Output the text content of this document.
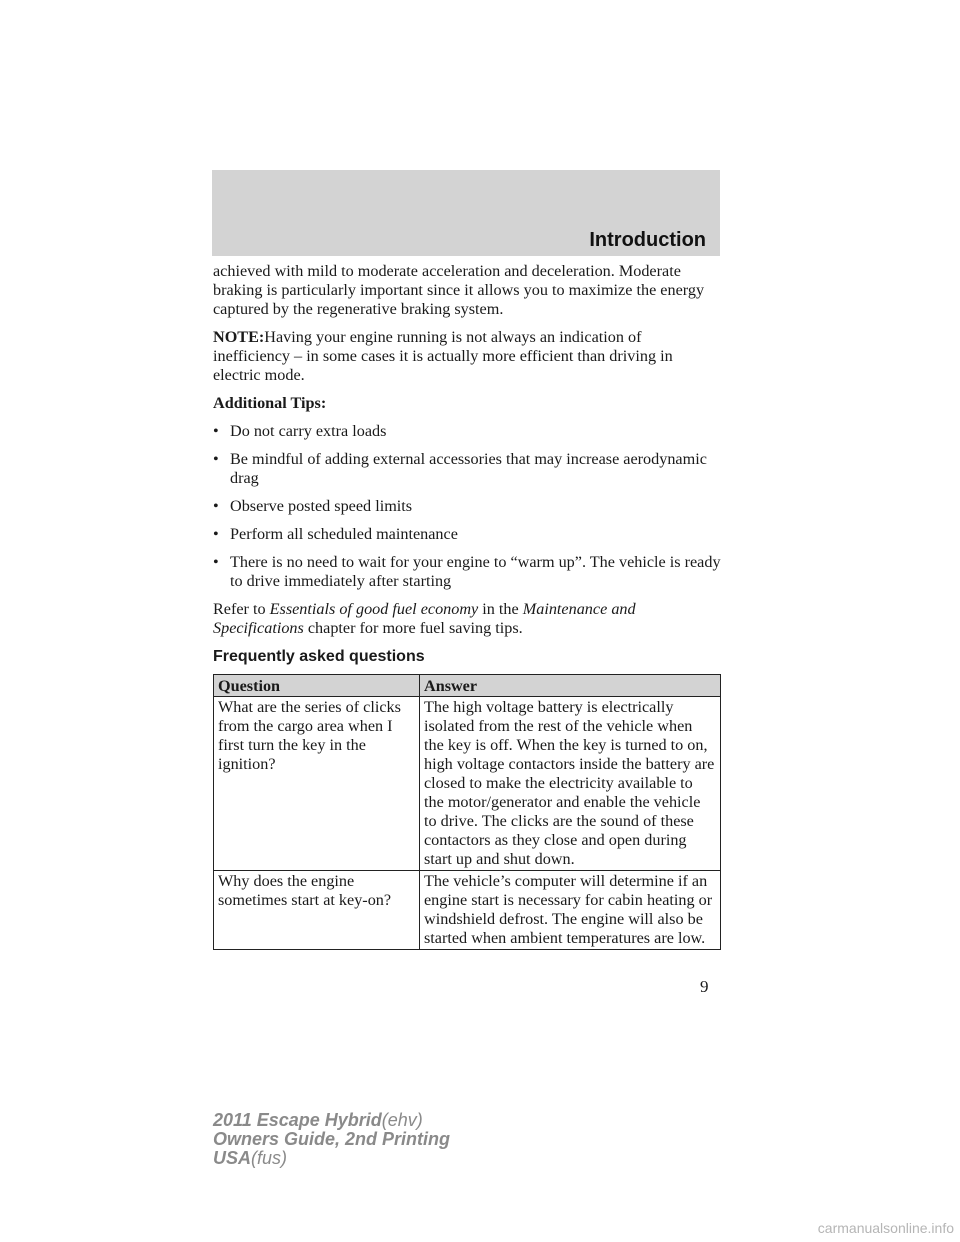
Introduction

achieved with mild to moderate acceleration and deceleration. Moderate braking is particularly important since it allows you to maximize the energy captured by the regenerative braking system.

NOTE:Having your engine running is not always an indication of inefficiency – in some cases it is actually more efficient than driving in electric mode.

Additional Tips:

• Do not carry extra loads
• Be mindful of adding external accessories that may increase aerodynamic drag
• Observe posted speed limits
• Perform all scheduled maintenance
• There is no need to wait for your engine to “warm up”. The vehicle is ready to drive immediately after starting

Refer to Essentials of good fuel economy in the Maintenance and Specifications chapter for more fuel saving tips.

Frequently asked questions
Question	Answer
What are the series of clicks from the cargo area when I first turn the key in the ignition?	The high voltage battery is electrically isolated from the rest of the vehicle when the key is off. When the key is turned to on, high voltage contactors inside the battery are closed to make the electricity available to the motor/generator and enable the vehicle to drive. The clicks are the sound of these contactors as they close and open during start up and shut down.
Why does the engine sometimes start at key-on?	The vehicle’s computer will determine if an engine start is necessary for cabin heating or windshield defrost. The engine will also be started when ambient temperatures are low.
9
2011 Escape Hybrid(ehv)
Owners Guide, 2nd Printing
USA(fus)
carmanualsonline.info
